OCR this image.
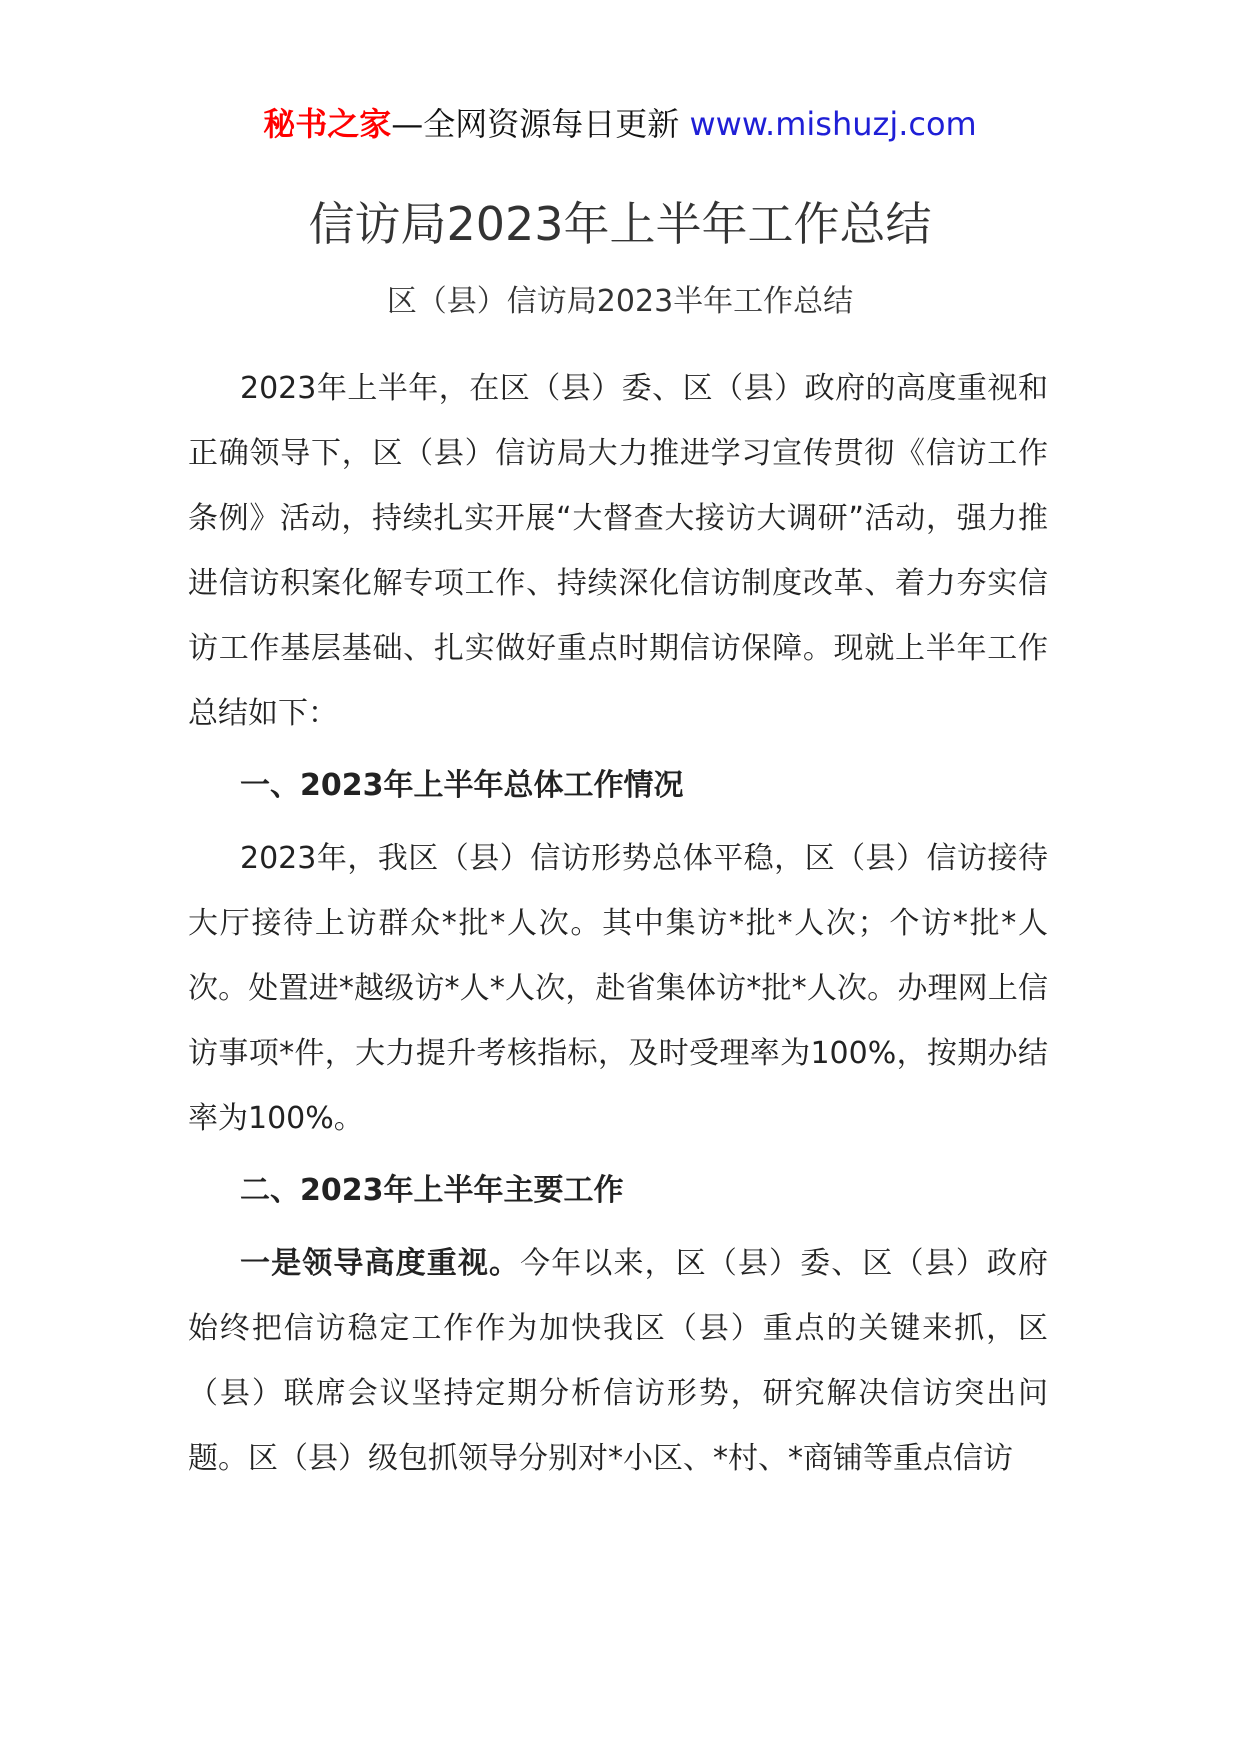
秘书之家—全网资源每日更新 www.mishuzj.com
信访局2023年上半年工作总结
区（县）信访局2023半年工作总结

2023年上半年，在区（县）委、区（县）政府的高度重视和正确领导下，区（县）信访局大力推进学习宣传贯彻《信访工作条例》活动，持续扎实开展“大督查大接访大调研”活动，强力推进信访积案化解专项工作、持续深化信访制度改革、着力夯实信访工作基层基础、扎实做好重点时期信访保障。现就上半年工作总结如下：

一、2023年上半年总体工作情况

2023年，我区（县）信访形势总体平稳，区（县）信访接待大厅接待上访群众*批*人次。其中集访*批*人次；个访*批*人次。处置进*越级访*人*人次，赴省集体访*批*人次。办理网上信访事项*件，大力提升考核指标，及时受理率为100%，按期办结率为100%。

二、2023年上半年主要工作

一是领导高度重视。今年以来，区（县）委、区（县）政府始终把信访稳定工作作为加快我区（县）重点的关键来抓，区（县）联席会议坚持定期分析信访形势，研究解决信访突出问题。区（县）级包抓领导分别对*小区、*村、*商铺等重点信访
